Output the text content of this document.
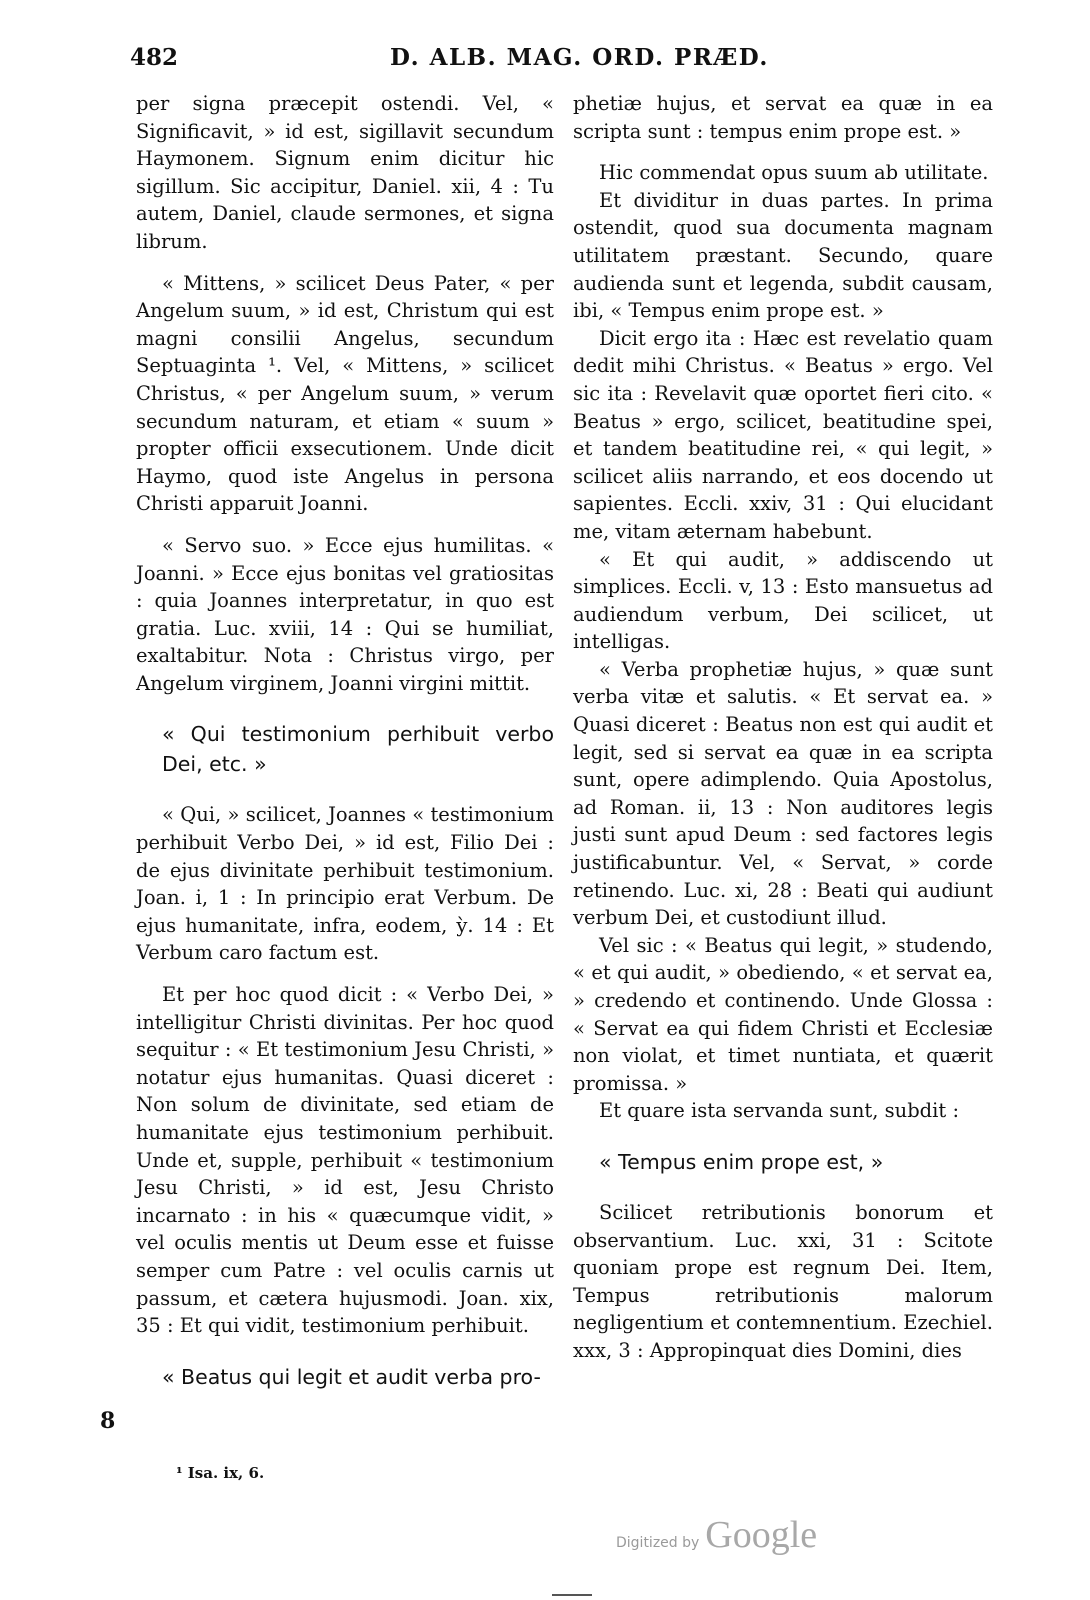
482	D. ALB. MAG. ORD. PRÆD.

per signa præcepit ostendi. Vel, « Significavit, » id est, sigillavit secundum Haymonem. Signum enim dicitur hic sigillum. Sic accipitur, Daniel. xii, 4 : Tu autem, Daniel, claude sermones, et signa librum.

« Mittens, » scilicet Deus Pater, « per Angelum suum, » id est, Christum qui est magni consilii Angelus, secundum Septuaginta ¹. Vel, « Mittens, » scilicet Christus, « per Angelum suum, » verum secundum naturam, et etiam « suum » propter officii exsecutionem. Unde dicit Haymo, quod iste Angelus in persona Christi apparuit Joanni.

« Servo suo. » Ecce ejus humilitas. « Joanni. » Ecce ejus bonitas vel gratiositas : quia Joannes interpretatur, in quo est gratia. Luc. xviii, 14 : Qui se humiliat, exaltabitur. Nota : Christus virgo, per Angelum virginem, Joanni virgini mittit.

« Qui testimonium perhibuit verbo Dei, etc. »

« Qui, » scilicet, Joannes « testimonium perhibuit Verbo Dei, » id est, Filio Dei : de ejus divinitate perhibuit testimonium. Joan. i, 1 : In principio erat Verbum. De ejus humanitate, infra, eodem, ỳ. 14 : Et Verbum caro factum est.

Et per hoc quod dicit : « Verbo Dei, » intelligitur Christi divinitas. Per hoc quod sequitur : « Et testimonium Jesu Christi, » notatur ejus humanitas. Quasi diceret : Non solum de divinitate, sed etiam de humanitate ejus testimonium perhibuit. Unde et, supple, perhibuit « testimonium Jesu Christi, » id est, Jesu Christo incarnato : in his « quæcumque vidit, » vel oculis mentis ut Deum esse et fuisse semper cum Patre : vel oculis carnis ut passum, et cætera hujusmodi. Joan. xix, 35 : Et qui vidit, testimonium perhibuit.

« Beatus qui legit et audit verba pro-

phetiæ hujus, et servat ea quæ in ea scripta sunt : tempus enim prope est. »

Hic commendat opus suum ab utilitate.

Et dividitur in duas partes. In prima ostendit, quod sua documenta magnam utilitatem præstant. Secundo, quare audienda sunt et legenda, subdit causam, ibi, « Tempus enim prope est. »

Dicit ergo ita : Hæc est revelatio quam dedit mihi Christus. « Beatus » ergo. Vel sic ita : Revelavit quæ oportet fieri cito. « Beatus » ergo, scilicet, beatitudine spei, et tandem beatitudine rei, « qui legit, » scilicet aliis narrando, et eos docendo ut sapientes. Eccli. xxiv, 31 : Qui elucidant me, vitam æternam habebunt.

« Et qui audit, » addiscendo ut simplices. Eccli. v, 13 : Esto mansuetus ad audiendum verbum, Dei scilicet, ut intelligas.

« Verba prophetiæ hujus, » quæ sunt verba vitæ et salutis. « Et servat ea. » Quasi diceret : Beatus non est qui audit et legit, sed si servat ea quæ in ea scripta sunt, opere adimplendo. Quia Apostolus, ad Roman. ii, 13 : Non auditores legis justi sunt apud Deum : sed factores legis justificabuntur. Vel, « Servat, » corde retinendo. Luc. xi, 28 : Beati qui audiunt verbum Dei, et custodiunt illud.

Vel sic : « Beatus qui legit, » studendo, « et qui audit, » obediendo, « et servat ea, » credendo et continendo. Unde Glossa : « Servat ea qui fidem Christi et Ecclesiæ non violat, et timet nuntiata, et quærit promissa. »

Et quare ista servanda sunt, subdit :

« Tempus enim prope est, »

Scilicet retributionis bonorum et observantium. Luc. xxi, 31 : Scitote quoniam prope est regnum Dei. Item, Tempus retributionis malorum negligentium et contemnentium. Ezechiel. xxx, 3 : Appropinquat dies Domini, dies

8
¹ Isa. ix, 6.
Digitized by Google
